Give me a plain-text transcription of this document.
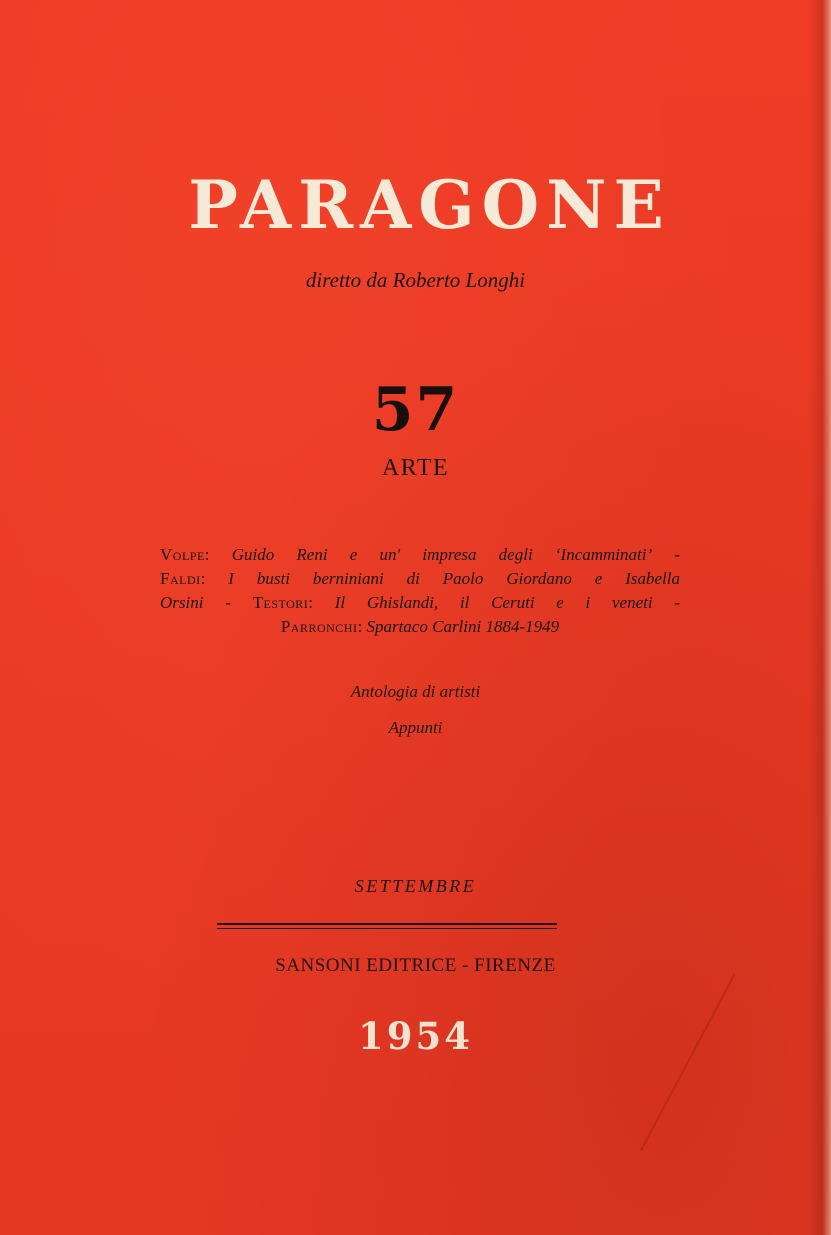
PARAGONE
diretto da Roberto Longhi
57
ARTE
Volpe: Guido Reni e un' impresa degli ‘Incamminati’ -
Faldi: I busti berniniani di Paolo Giordano e Isabella
Orsini - Testori: Il Ghislandi, il Ceruti e i veneti -
Parronchi: Spartaco Carlini 1884-1949
Antologia di artisti
Appunti
SETTEMBRE
SANSONI EDITRICE - FIRENZE
1954
